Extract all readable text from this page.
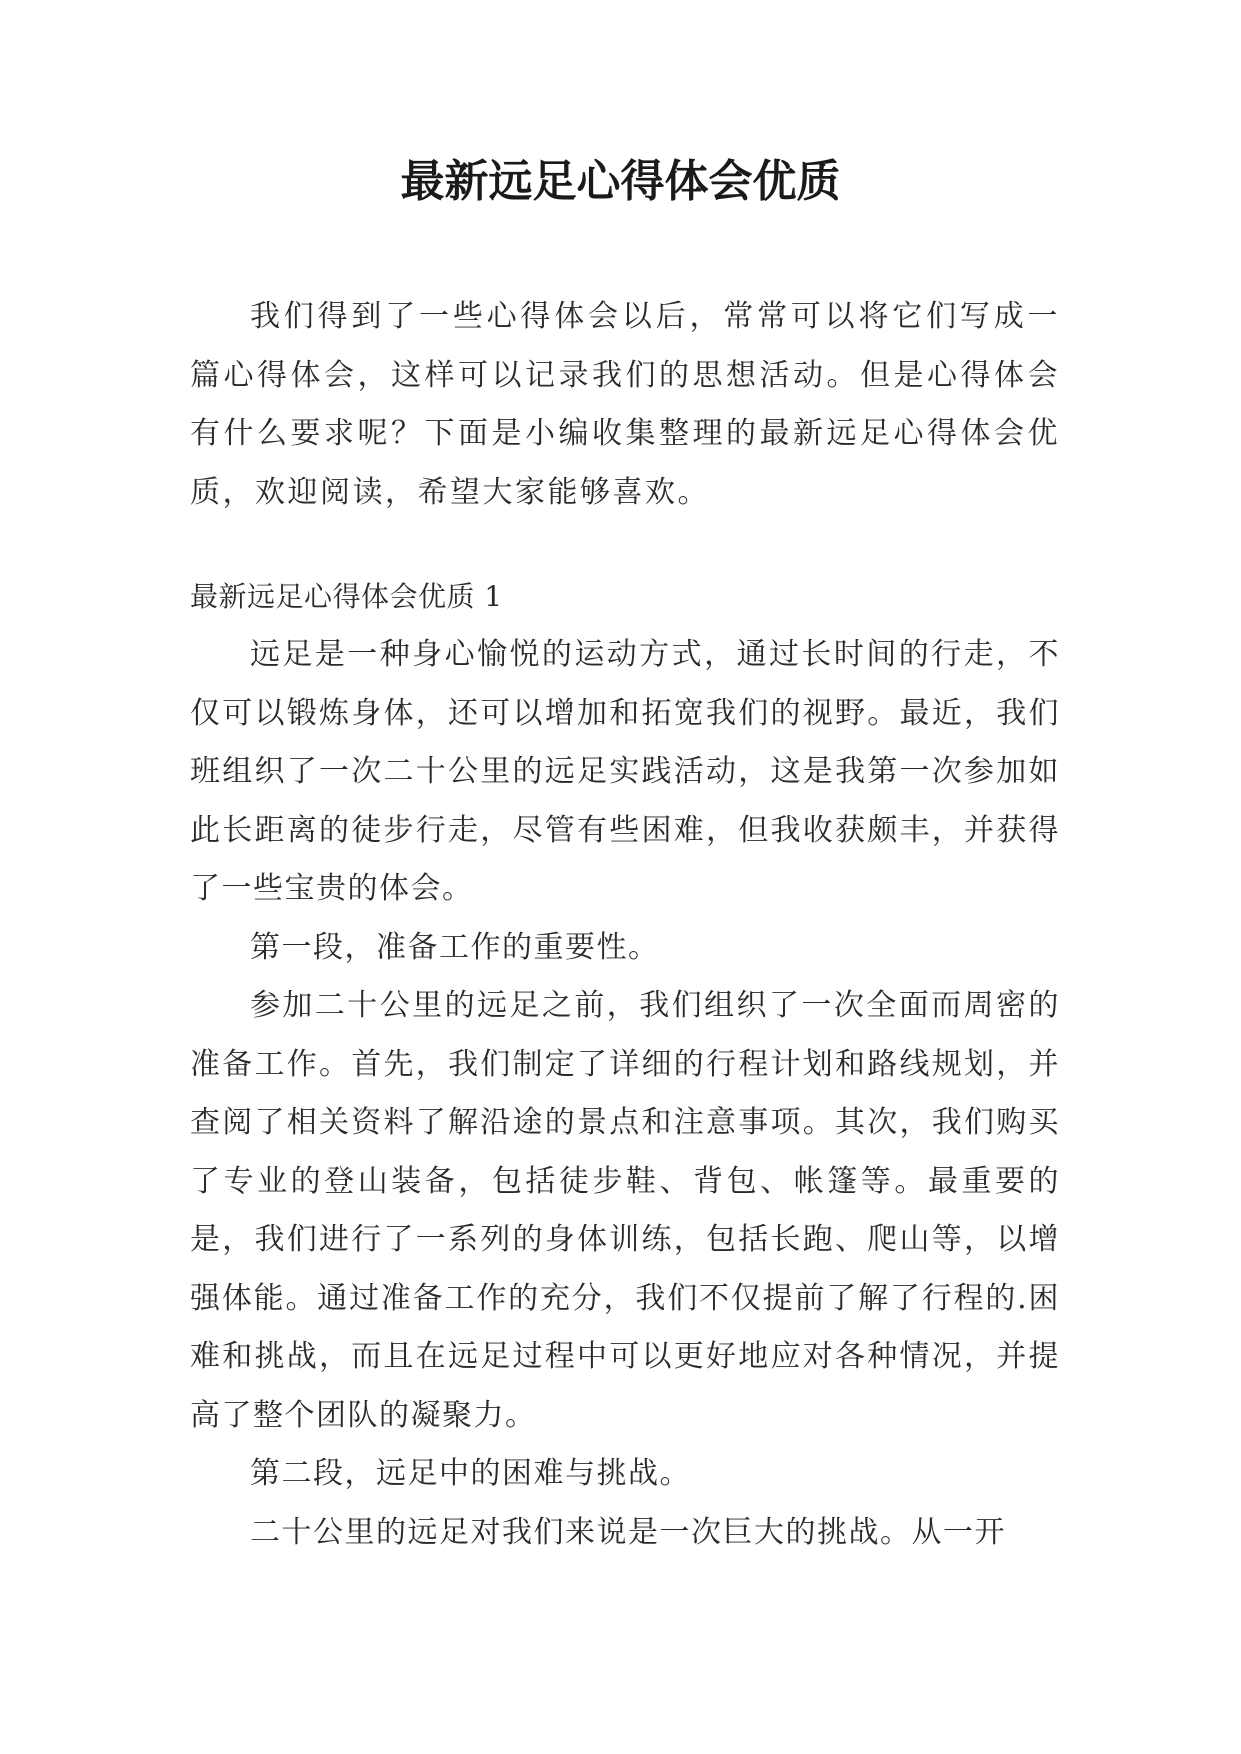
最新远足心得体会优质

我们得到了一些心得体会以后，常常可以将它们写成一篇心得体会，这样可以记录我们的思想活动。但是心得体会有什么要求呢？下面是小编收集整理的最新远足心得体会优质，欢迎阅读，希望大家能够喜欢。

最新远足心得体会优质 1

远足是一种身心愉悦的运动方式，通过长时间的行走，不仅可以锻炼身体，还可以增加和拓宽我们的视野。最近，我们班组织了一次二十公里的远足实践活动，这是我第一次参加如此长距离的徒步行走，尽管有些困难，但我收获颇丰，并获得了一些宝贵的体会。

第一段，准备工作的重要性。

参加二十公里的远足之前，我们组织了一次全面而周密的准备工作。首先，我们制定了详细的行程计划和路线规划，并查阅了相关资料了解沿途的景点和注意事项。其次，我们购买了专业的登山装备，包括徒步鞋、背包、帐篷等。最重要的是，我们进行了一系列的身体训练，包括长跑、爬山等，以增强体能。通过准备工作的充分，我们不仅提前了解了行程的.困难和挑战，而且在远足过程中可以更好地应对各种情况，并提高了整个团队的凝聚力。

第二段，远足中的困难与挑战。

二十公里的远足对我们来说是一次巨大的挑战。从一开
